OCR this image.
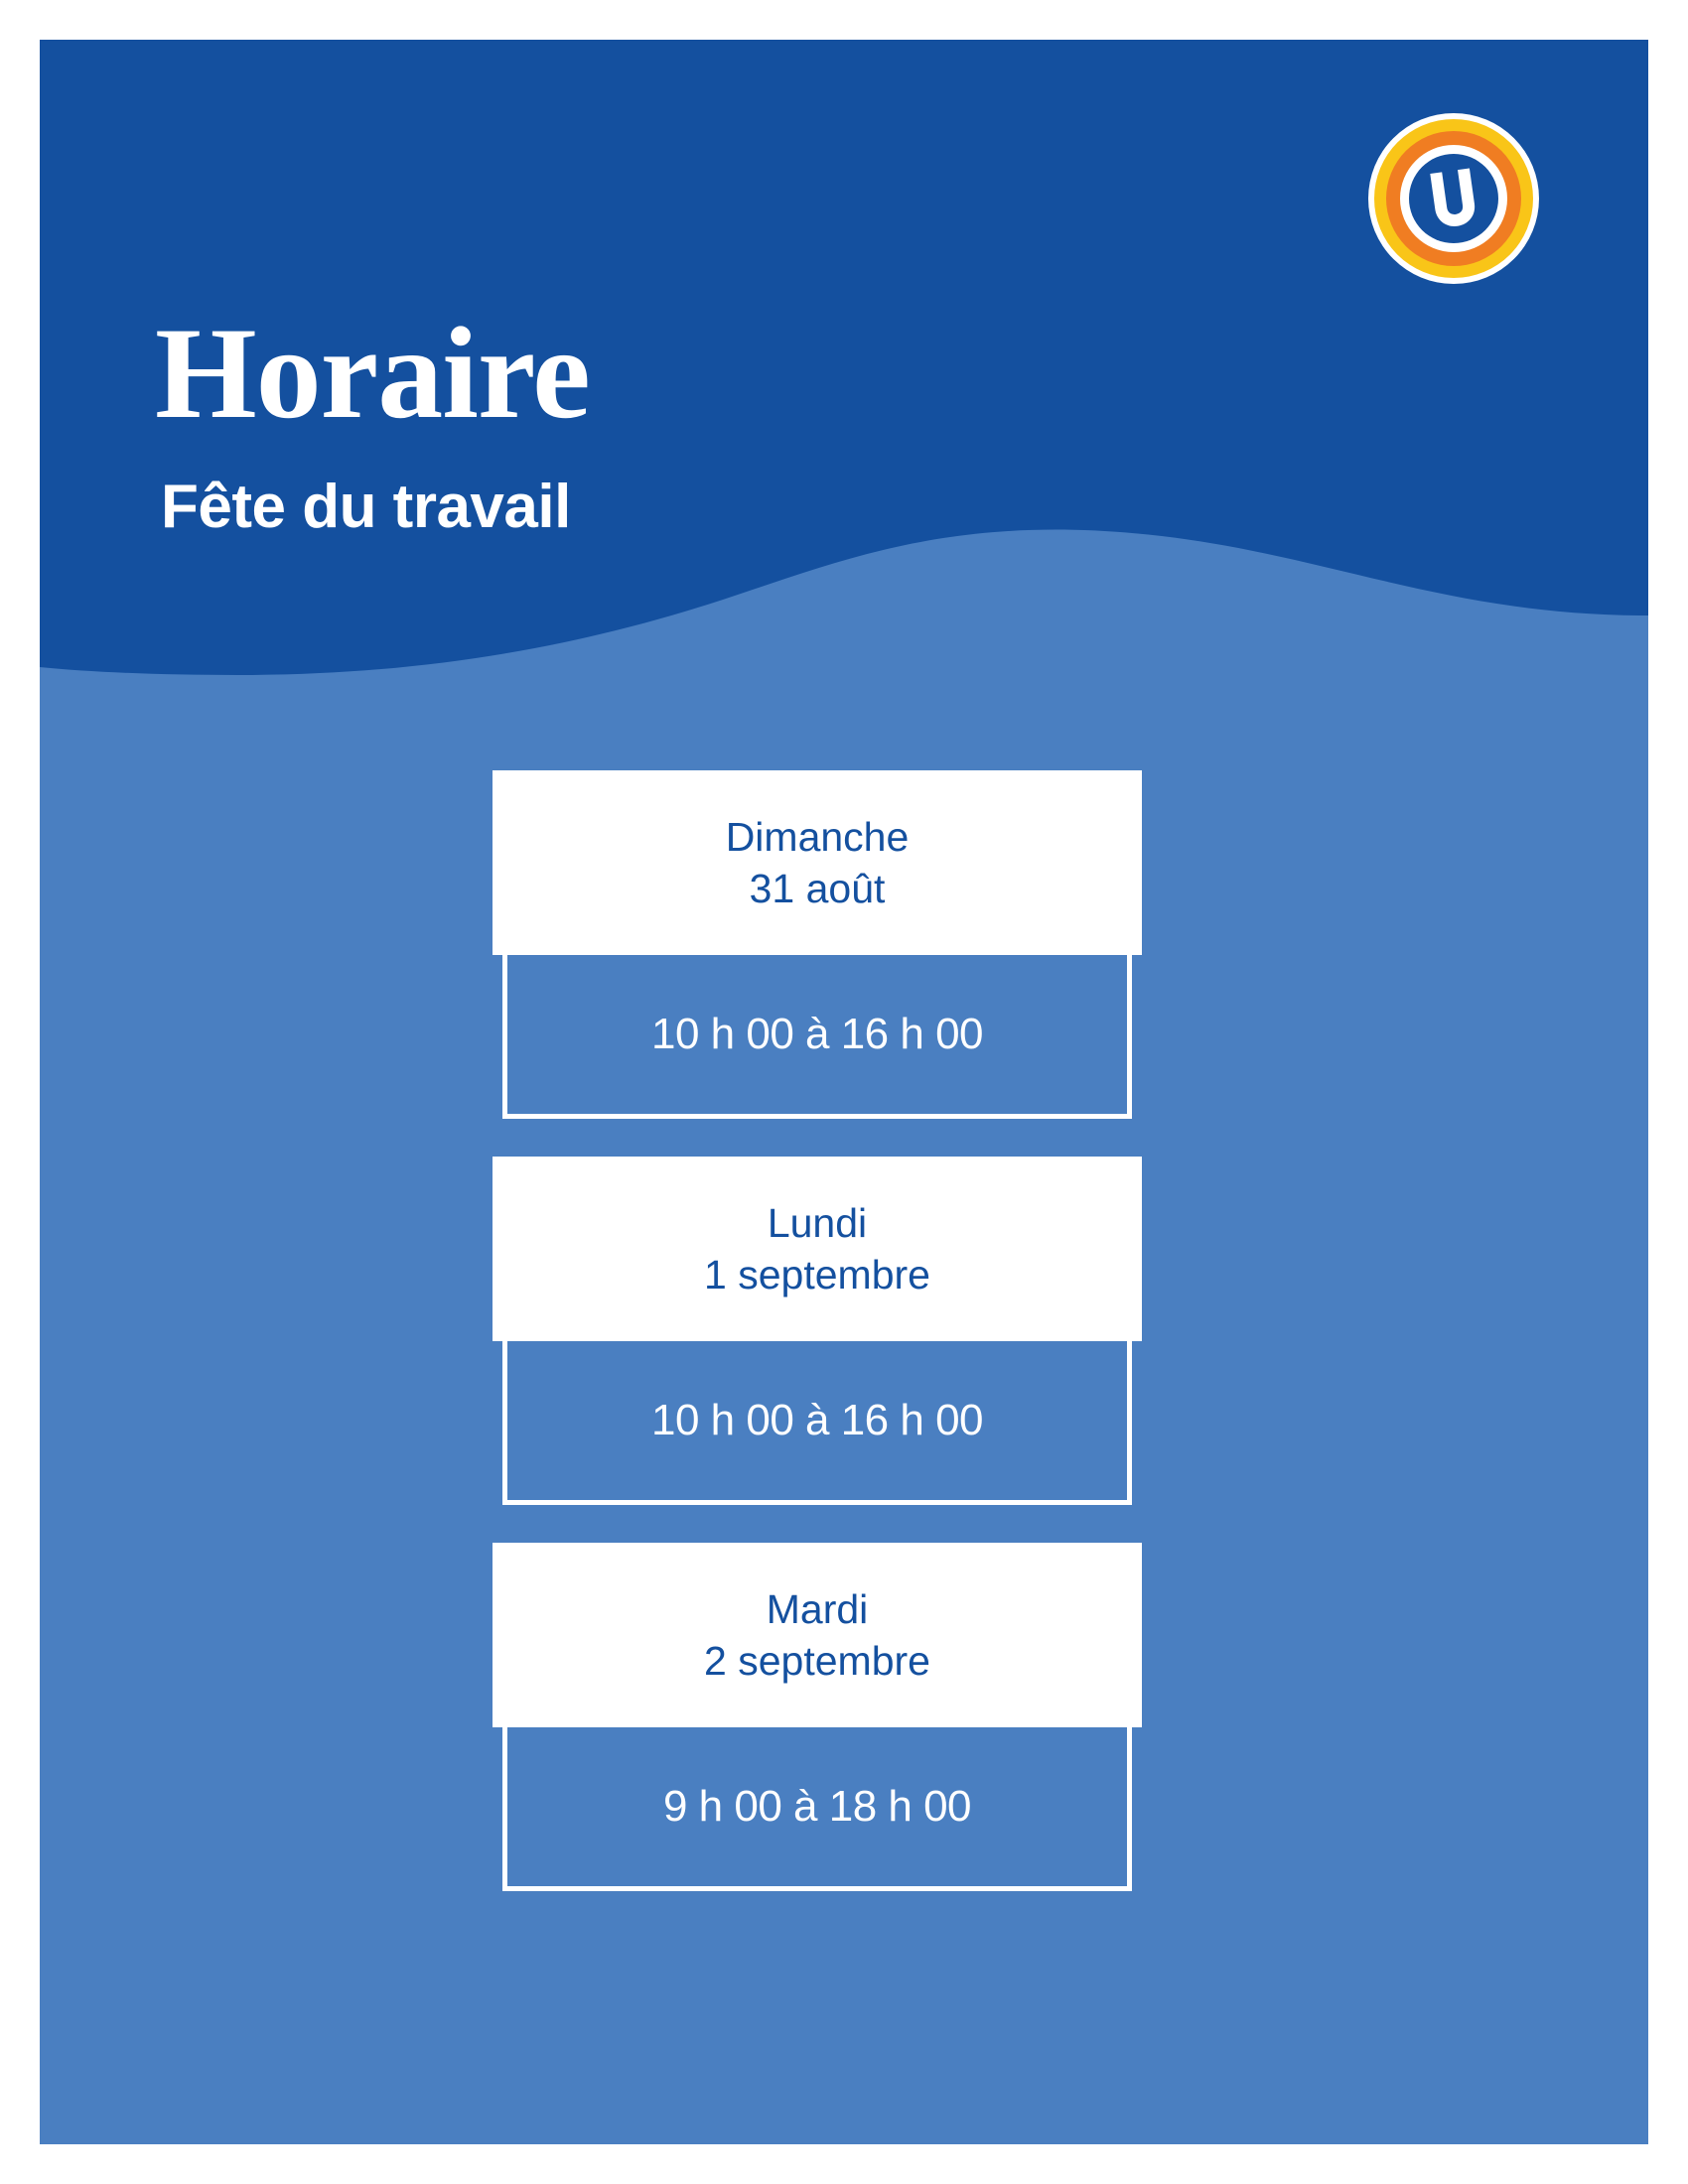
Horaire
Fête du travail
Dimanche
31 août
10 h 00 à 16 h 00
Lundi
1 septembre
10 h 00 à 16 h 00
Mardi
2 septembre
9 h 00 à 18 h 00
